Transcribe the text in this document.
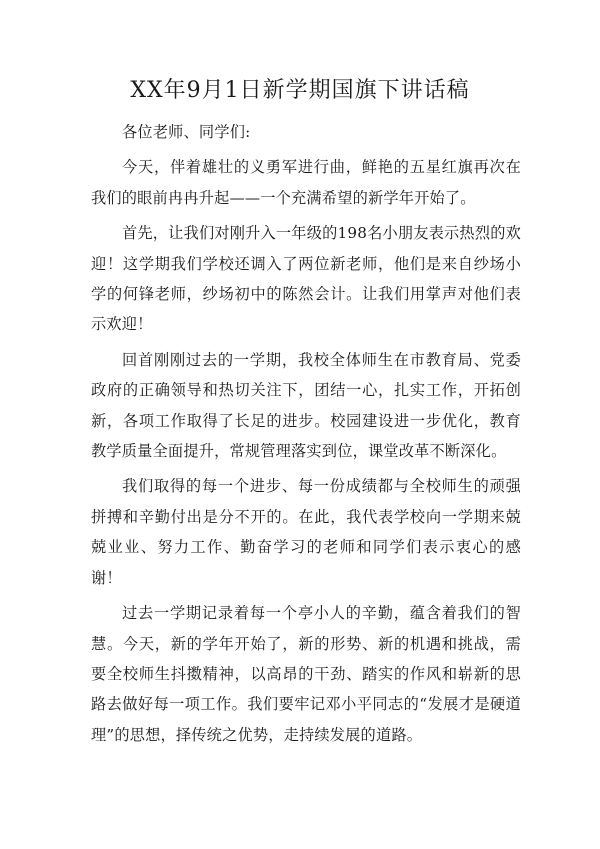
XX年9月1日新学期国旗下讲话稿

各位老师、同学们:

今天，伴着雄壮的义勇军进行曲，鲜艳的五星红旗再次在我们的眼前冉冉升起——一个充满希望的新学年开始了。

首先，让我们对刚升入一年级的198名小朋友表示热烈的欢迎！这学期我们学校还调入了两位新老师，他们是来自纱场小学的何锋老师，纱场初中的陈然会计。让我们用掌声对他们表示欢迎！

回首刚刚过去的一学期，我校全体师生在市教育局、党委政府的正确领导和热切关注下，团结一心，扎实工作，开拓创新，各项工作取得了长足的进步。校园建设进一步优化，教育教学质量全面提升，常规管理落实到位，课堂改革不断深化。

我们取得的每一个进步、每一份成绩都与全校师生的顽强拼搏和辛勤付出是分不开的。在此，我代表学校向一学期来兢兢业业、努力工作、勤奋学习的老师和同学们表示衷心的感谢！

过去一学期记录着每一个亭小人的辛勤，蕴含着我们的智慧。今天，新的学年开始了，新的形势、新的机遇和挑战，需要全校师生抖擞精神，以高昂的干劲、踏实的作风和崭新的思路去做好每一项工作。我们要牢记邓小平同志的“发展才是硬道理”的思想，择传统之优势，走持续发展的道路。
